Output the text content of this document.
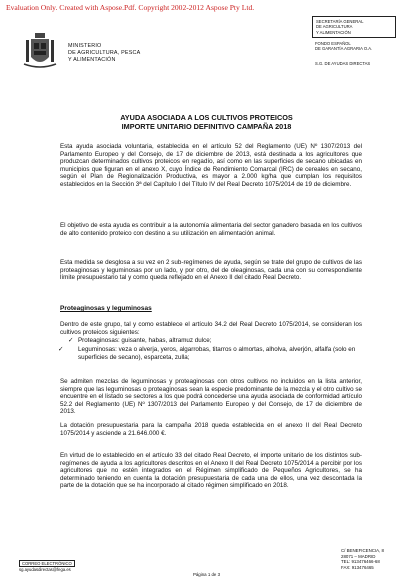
Evaluation Only. Created with Aspose.Pdf. Copyright 2002-2012 Aspose Pty Ltd.
MINISTERIO
DE AGRICULTURA, PESCA
Y ALIMENTACIÓN
SECRETARÍA GENERAL
DE AGRICULTURA
Y ALIMENTACIÓN
FONDO ESPAÑOL
DE GARANTÍA AGRARIA O.A.
S.G. DE AYUDAS DIRECTAS
AYUDA ASOCIADA A LOS CULTIVOS PROTEICOS
IMPORTE UNITARIO DEFINITIVO CAMPAÑA 2018
Esta ayuda asociada voluntaria, establecida en el artículo 52 del Reglamento (UE) Nº 1307/2013 del Parlamento Europeo y del Consejo, de 17 de diciembre de 2013, está destinada a los agricultores que produzcan determinados cultivos proteicos en regadío, así como en las superficies de secano ubicadas en municipios que figuran en el anexo X, cuyo Índice de Rendimiento Comarcal (IRC) de cereales en secano, según el Plan de Regionalización Productiva, es mayor a 2.000 kg/ha que cumplan los requisitos establecidos en la Sección 3ª del Capítulo I del Título IV del Real Decreto 1075/2014 de 19 de diciembre.
El objetivo de esta ayuda es contribuir a la autonomía alimentaria del sector ganadero basada en los cultivos de alto contenido proteico con destino a su utilización en alimentación animal.
Esta medida se desglosa a su vez en 2 sub-regímenes de ayuda, según se trate del grupo de cultivos de las proteaginosas y leguminosas por un lado, y por otro, del de oleaginosas, cada una con su correspondiente límite presupuestario tal y como queda reflejado en el Anexo II del citado Real Decreto.
Proteaginosas y leguminosas
Dentro de este grupo, tal y como establece el artículo 34.2 del Real Decreto 1075/2014, se consideran los cultivos proteicos siguientes:
✓ Proteaginosas: guisante, habas, altramuz dulce;
✓ Leguminosas: veza o alverja, yeros, algarrobas, titarros o almortas, alholva, alverjón, alfalfa (solo en superficies de secano), esparceta, zulla;
Se admiten mezclas de leguminosas y proteaginosas con otros cultivos no incluidos en la lista anterior, siempre que las leguminosas o proteaginosas sean la especie predominante de la mezcla y el otro cultivo se encuentre en el listado se sectores a los que podrá concederse una ayuda asociada de conformidad artículo 52.2 del Reglamento (UE) Nº 1307/2013 del Parlamento Europeo y del Consejo, de 17 de diciembre de 2013.
La dotación presupuestaria para la campaña 2018 queda establecida en el anexo II del Real Decreto 1075/2014 y asciende a 21.646.000 €.
En virtud de lo establecido en el artículo 33 del citado Real Decreto, el importe unitario de los distintos sub-regímenes de ayuda a los agricultores descritos en el Anexo II del Real Decreto 1075/2014 a percibir por los agricultores que no estén integrados en el Régimen simplificado de Pequeños Agricultores, se ha determinado teniendo en cuenta la dotación presupuestaria de cada una de ellos, una vez descontada la parte de la dotación que se ha incorporado al citado régimen simplificado en 2018.
CORREO ELECTRÓNICO
sg.ayudasdirectas@fega.es
Página 1 de 3
C/ BENEFICENCIA, 8
28071 – MADRID
TEL: 913476466-68
FAX: 913476465
